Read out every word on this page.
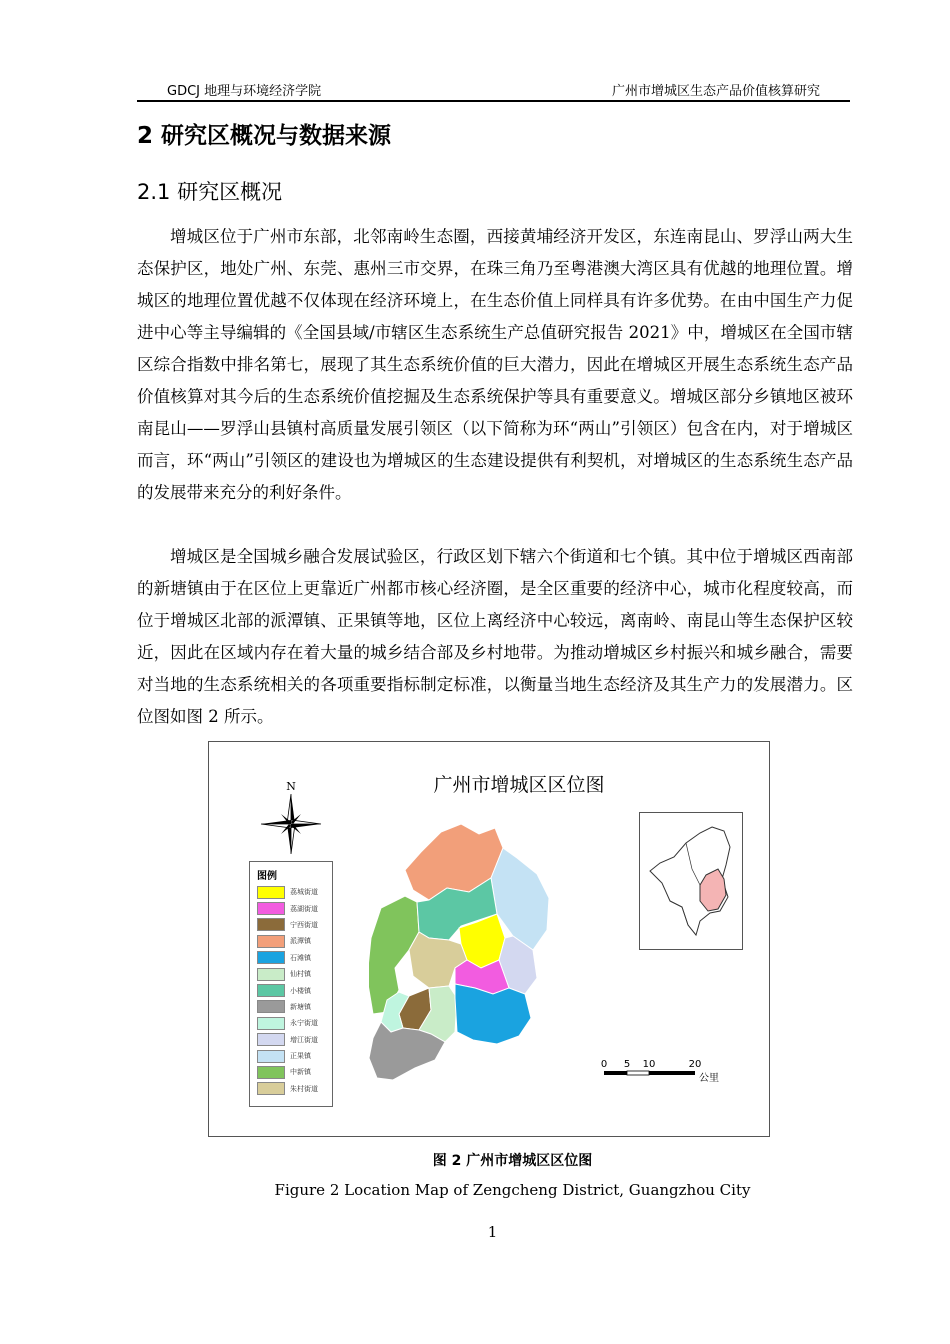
GDCJ 地理与环境经济学院	广州市增城区生态产品价值核算研究
2 研究区概况与数据来源
2.1 研究区概况

增城区位于广州市东部，北邻南岭生态圈，西接黄埔经济开发区，东连南昆山、罗浮山两大生态保护区，地处广州、东莞、惠州三市交界，在珠三角乃至粤港澳大湾区具有优越的地理位置。增城区的地理位置优越不仅体现在经济环境上，在生态价值上同样具有许多优势。在由中国生产力促进中心等主导编辑的《全国县域/市辖区生态系统生产总值研究报告 2021》中，增城区在全国市辖区综合指数中排名第七，展现了其生态系统价值的巨大潜力，因此在增城区开展生态系统生态产品价值核算对其今后的生态系统价值挖掘及生态系统保护等具有重要意义。增城区部分乡镇地区被环南昆山——罗浮山县镇村高质量发展引领区（以下简称为环“两山”引领区）包含在内，对于增城区而言，环“两山”引领区的建设也为增城区的生态建设提供有利契机，对增城区的生态系统生态产品的发展带来充分的利好条件。

增城区是全国城乡融合发展试验区，行政区划下辖六个街道和七个镇。其中位于增城区西南部的新塘镇由于在区位上更靠近广州都市核心经济圈，是全区重要的经济中心，城市化程度较高，而位于增城区北部的派潭镇、正果镇等地，区位上离经济中心较远，离南岭、南昆山等生态保护区较近，因此在区域内存在着大量的城乡结合部及乡村地带。为推动增城区乡村振兴和城乡融合，需要对当地的生态系统相关的各项重要指标制定标准，以衡量当地生态经济及其生产力的发展潜力。区位图如图 2 所示。

广州市增城区区位图
N
图例
荔城街道
荔湖街道
宁西街道
派潭镇
石滩镇
仙村镇
小楼镇
新塘镇
永宁街道
增江街道
正果镇
中新镇
朱村街道
0 5 10	20
公里
图 2 广州市增城区区位图
Figure 2 Location Map of Zengcheng District, Guangzhou City
1
